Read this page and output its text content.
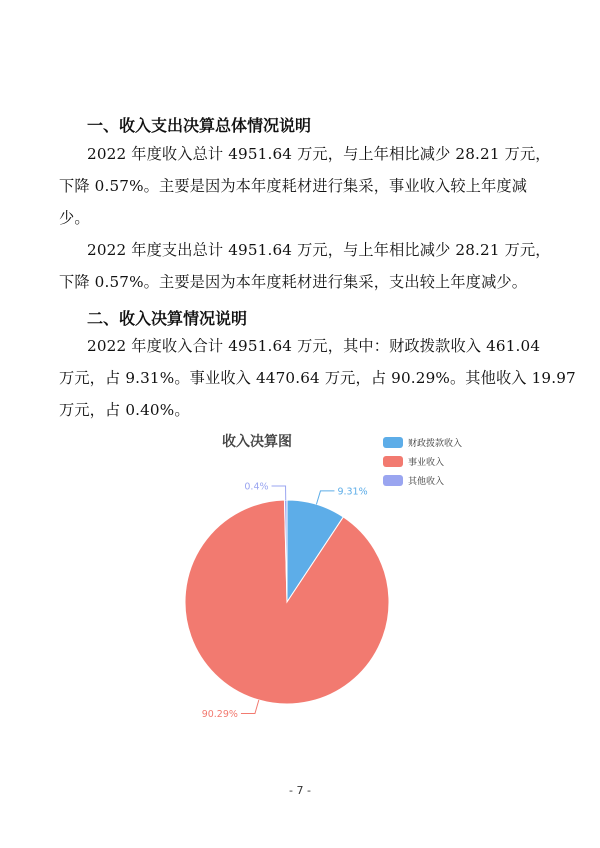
一、收入支出决算总体情况说明

2022 年度收入总计 4951.64 万元，与上年相比减少 28.21 万元，
下降 0.57%。主要是因为本年度耗材进行集采，事业收入较上年度减
少。

2022 年度支出总计 4951.64 万元，与上年相比减少 28.21 万元，
下降 0.57%。主要是因为本年度耗材进行集采，支出较上年度减少。

二、收入决算情况说明

2022 年度收入合计 4951.64 万元，其中：财政拨款收入 461.04
万元，占 9.31%。事业收入 4470.64 万元，占 90.29%。其他收入 19.97
万元，占 0.40%。

收入决算图	财政拨款收入
事业收入
其他收入
9.31%
90.29%
0.4%
- 7 -
